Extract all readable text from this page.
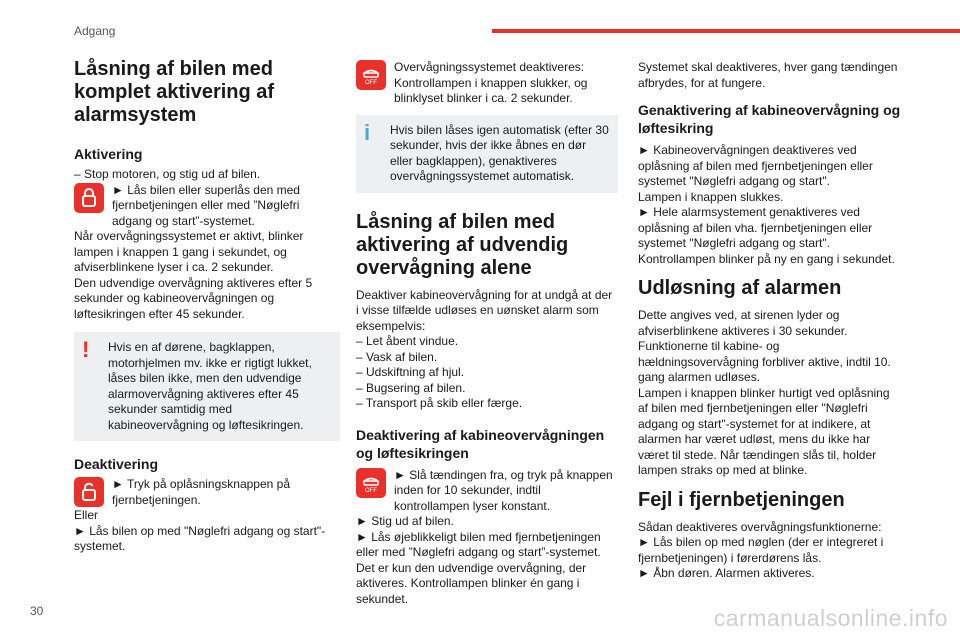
Adgang
Låsning af bilen med komplet aktivering af alarmsystem
Aktivering

– Stop motoren, og stig ud af bilen.

► Lås bilen eller superlås den med fjernbetjeningen eller med ”Nøglefri adgang og start”-systemet.

Når overvågningssystemet er aktivt, blinker lampen i knappen 1 gang i sekundet, og afviserblinkene lyser i ca. 2 sekunder.

Den udvendige overvågning aktiveres efter 5 sekunder og kabineovervågningen og løftesikringen efter 45 sekunder.

!	Hvis en af dørene, bagklappen, motorhjelmen mv. ikke er rigtigt lukket, låses bilen ikke, men den udvendige alarmovervågning aktiveres efter 45 sekunder samtidig med kabineovervågning og løftesikringen.

Deaktivering

► Tryk på oplåsningsknappen på fjernbetjeningen.

Eller

► Lås bilen op med "Nøglefri adgang og start"-systemet.

OFF

Overvågningssystemet deaktiveres: Kontrollampen i knappen slukker, og blinklyset blinker i ca. 2 sekunder.

i	Hvis bilen låses igen automatisk (efter 30 sekunder, hvis der ikke åbnes en dør eller bagklappen), genaktiveres overvågningssystemet automatisk.

Låsning af bilen med aktivering af udvendig overvågning alene

Deaktiver kabineovervågning for at undgå at der i visse tilfælde udløses en uønsket alarm som eksempelvis:

– Let åbent vindue.

– Vask af bilen.

– Udskiftning af hjul.

– Bugsering af bilen.

– Transport på skib eller færge.

Deaktivering af kabineovervågningen og løftesikringen
OFF

► Slå tændingen fra, og tryk på knappen inden for 10 sekunder, indtil kontrollampen lyser konstant.

► Stig ud af bilen.

► Lås øjeblikkeligt bilen med fjernbetjeningen eller med ”Nøglefri adgang og start”-systemet.

Det er kun den udvendige overvågning, der aktiveres. Kontrollampen blinker én gang i sekundet.

Systemet skal deaktiveres, hver gang tændingen afbrydes, for at fungere.

Genaktivering af kabineovervågning og løftesikring

► Kabineovervågningen deaktiveres ved oplåsning af bilen med fjernbetjeningen eller systemet "Nøglefri adgang og start".

Lampen i knappen slukkes.

► Hele alarmsystement genaktiveres ved oplåsning af bilen vha. fjernbetjeningen eller systemet "Nøglefri adgang og start".

Kontrollampen blinker på ny en gang i sekundet.

Udløsning af alarmen

Dette angives ved, at sirenen lyder og afviserblinkene aktiveres i 30 sekunder.

Funktionerne til kabine- og hældningsovervågning forbliver aktive, indtil 10. gang alarmen udløses.

Lampen i knappen blinker hurtigt ved oplåsning af bilen med fjernbetjeningen eller "Nøglefri adgang og start"-systemet for at indikere, at alarmen har været udløst, mens du ikke har været til stede. Når tændingen slås til, holder lampen straks op med at blinke.

Fejl i fjernbetjeningen

Sådan deaktiveres overvågningsfunktionerne:

► Lås bilen op med nøglen (der er integreret i fjernbetjeningen) i førerdørens lås.

► Åbn døren. Alarmen aktiveres.

30	carmanualsonline.info
